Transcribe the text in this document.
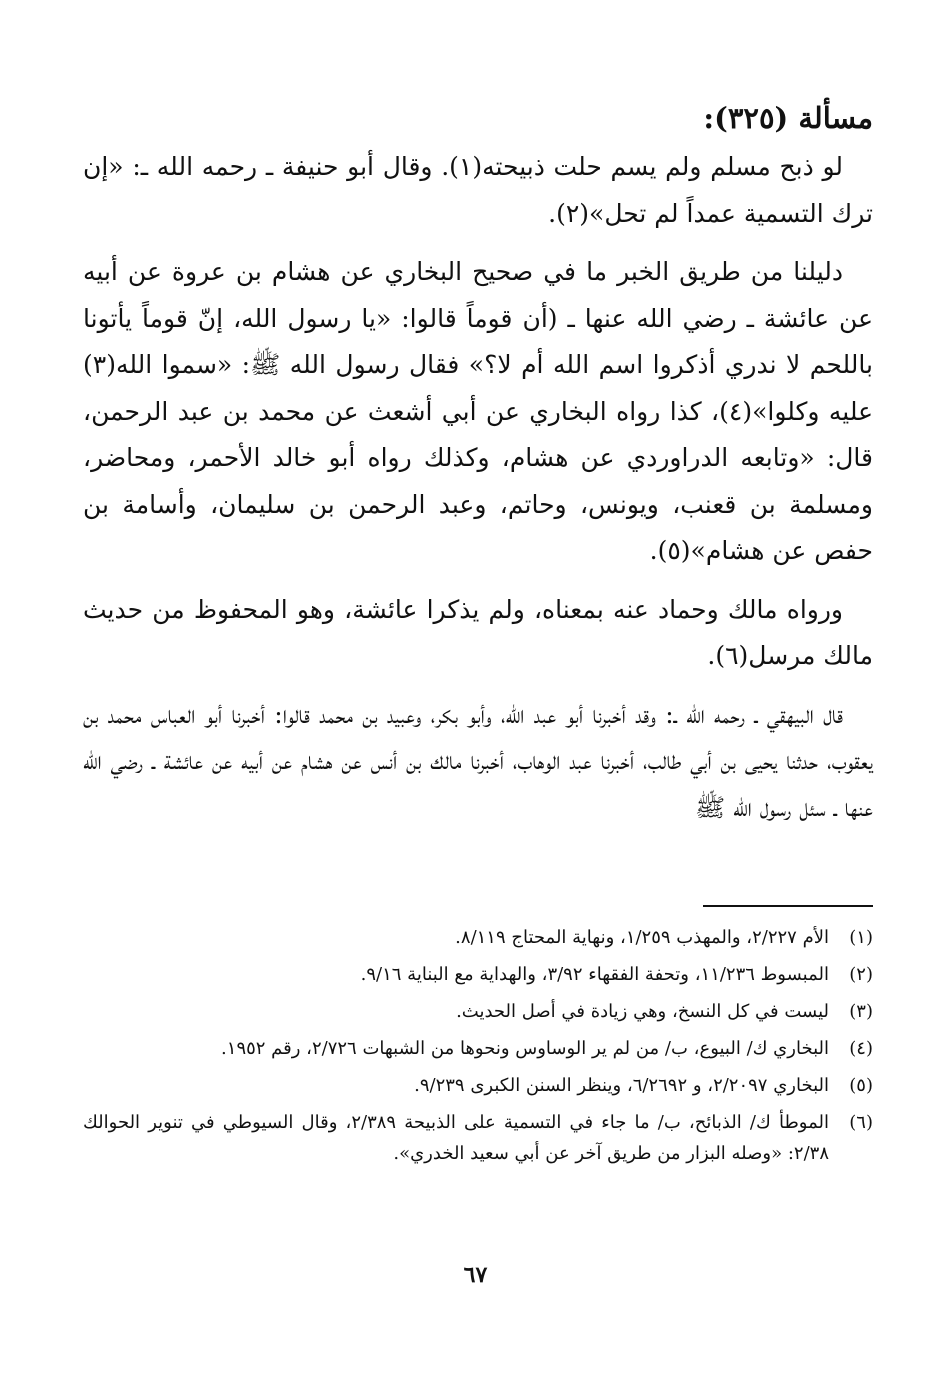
مسألة (٣٢٥):

لو ذبح مسلم ولم يسم حلت ذبيحته(١). وقال أبو حنيفة ـ رحمه الله ـ: «إن ترك التسمية عمداً لم تحل»(٢).

دليلنا من طريق الخبر ما في صحيح البخاري عن هشام بن عروة عن أبيه عن عائشة ـ رضي الله عنها ـ (أن قوماً قالوا: «يا رسول الله، إنّ قوماً يأتونا باللحم لا ندري أذكروا اسم الله أم لا؟» فقال رسول الله ﷺ: «سموا الله(٣) عليه وكلوا»(٤)، كذا رواه البخاري عن أبي أشعث عن محمد بن عبد الرحمن، قال: «وتابعه الدراوردي عن هشام، وكذلك رواه أبو خالد الأحمر، ومحاضر، ومسلمة بن قعنب، ويونس، وحاتم، وعبد الرحمن بن سليمان، وأسامة بن حفص عن هشام»(٥).

ورواه مالك وحماد عنه بمعناه، ولم يذكرا عائشة، وهو المحفوظ من حديث مالك مرسل(٦).

قال البيهقي ـ رحمه الله ـ: وقد أخبرنا أبو عبد الله، وأبو بكر، وعبيد بن محمد قالوا: أخبرنا أبو العباس محمد بن يعقوب، حدثنا يحيى بن أبي طالب، أخبرنا عبد الوهاب، أخبرنا مالك بن أنس عن هشام عن أبيه عن عائشة ـ رضي الله عنها ـ سئل رسول الله ﷺ

(١)
الأم ٢/٢٢٧، والمهذب ١/٢٥٩، ونهاية المحتاج ٨/١١٩.
(٢)
المبسوط ١١/٢٣٦، وتحفة الفقهاء ٣/٩٢، والهداية مع البناية ٩/١٦.
(٣)
ليست في كل النسخ، وهي زيادة في أصل الحديث.
(٤)
البخاري ك/ البيوع، ب/ من لم ير الوساوس ونحوها من الشبهات ٢/٧٢٦، رقم ١٩٥٢.
(٥)
البخاري ٢/٢٠٩٧، و ٦/٢٦٩٢، وينظر السنن الكبرى ٩/٢٣٩.
(٦)
الموطأ ك/ الذبائح، ب/ ما جاء في التسمية على الذبيحة ٢/٣٨٩، وقال السيوطي في تنوير الحوالك ٢/٣٨: «وصله البزار من طريق آخر عن أبي سعيد الخدري».
٦٧
